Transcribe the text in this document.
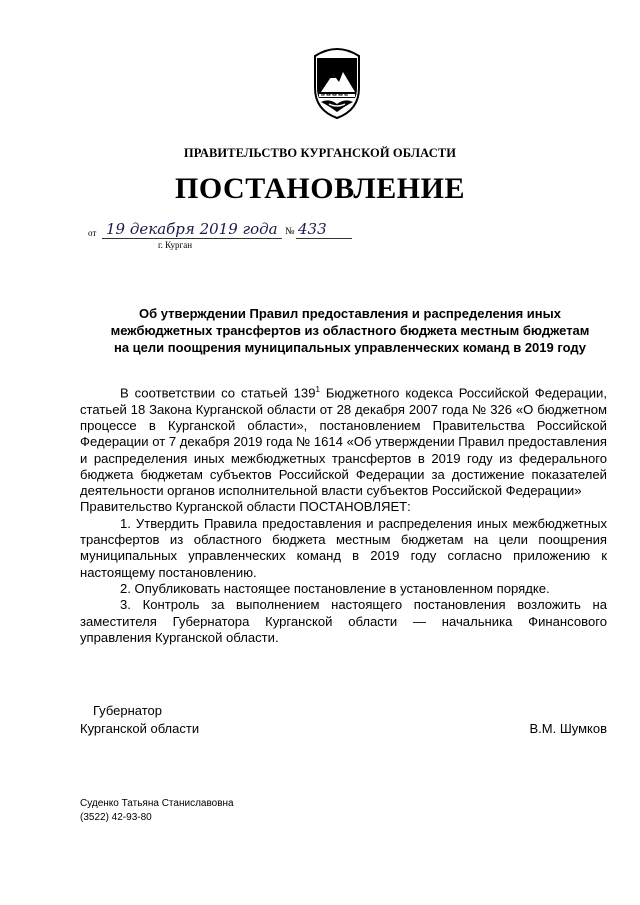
ПРАВИТЕЛЬСТВО КУРГАНСКОЙ ОБЛАСТИ
ПОСТАНОВЛЕНИЕ
от 19 декабря 2019 года № 433
г. Курган
Об утверждении Правил предоставления и распределения иных
межбюджетных трансфертов из областного бюджета местным бюджетам
на цели поощрения муниципальных управленческих команд в 2019 году

В соответствии со статьей $139^1$ Бюджетного кодекса Российской Федерации, статьей 18 Закона Курганской области от 28 декабря 2007 года № 326 «О бюджетном процессе в Курганской области», постановлением Правительства Российской Федерации от 7 декабря 2019 года № 1614 «Об утверждении Правил предоставления и распределения иных межбюджетных трансфертов в 2019 году из федерального бюджета бюджетам субъектов Российской Федерации за достижение показателей деятельности органов исполнительной власти субъектов Российской Федерации»

Правительство Курганской области ПОСТАНОВЛЯЕТ:

1. Утвердить Правила предоставления и распределения иных межбюджетных трансфертов из областного бюджета местным бюджетам на цели поощрения муниципальных управленческих команд в 2019 году согласно приложению к настоящему постановлению.

2. Опубликовать настоящее постановление в установленном порядке.

3. Контроль за выполнением настоящего постановления возложить на заместителя Губернатора Курганской области — начальника Финансового управления Курганской области.

Губернатор
Курганской области	В.М. Шумков
Суденко Татьяна Станиславовна
(3522) 42-93-80
